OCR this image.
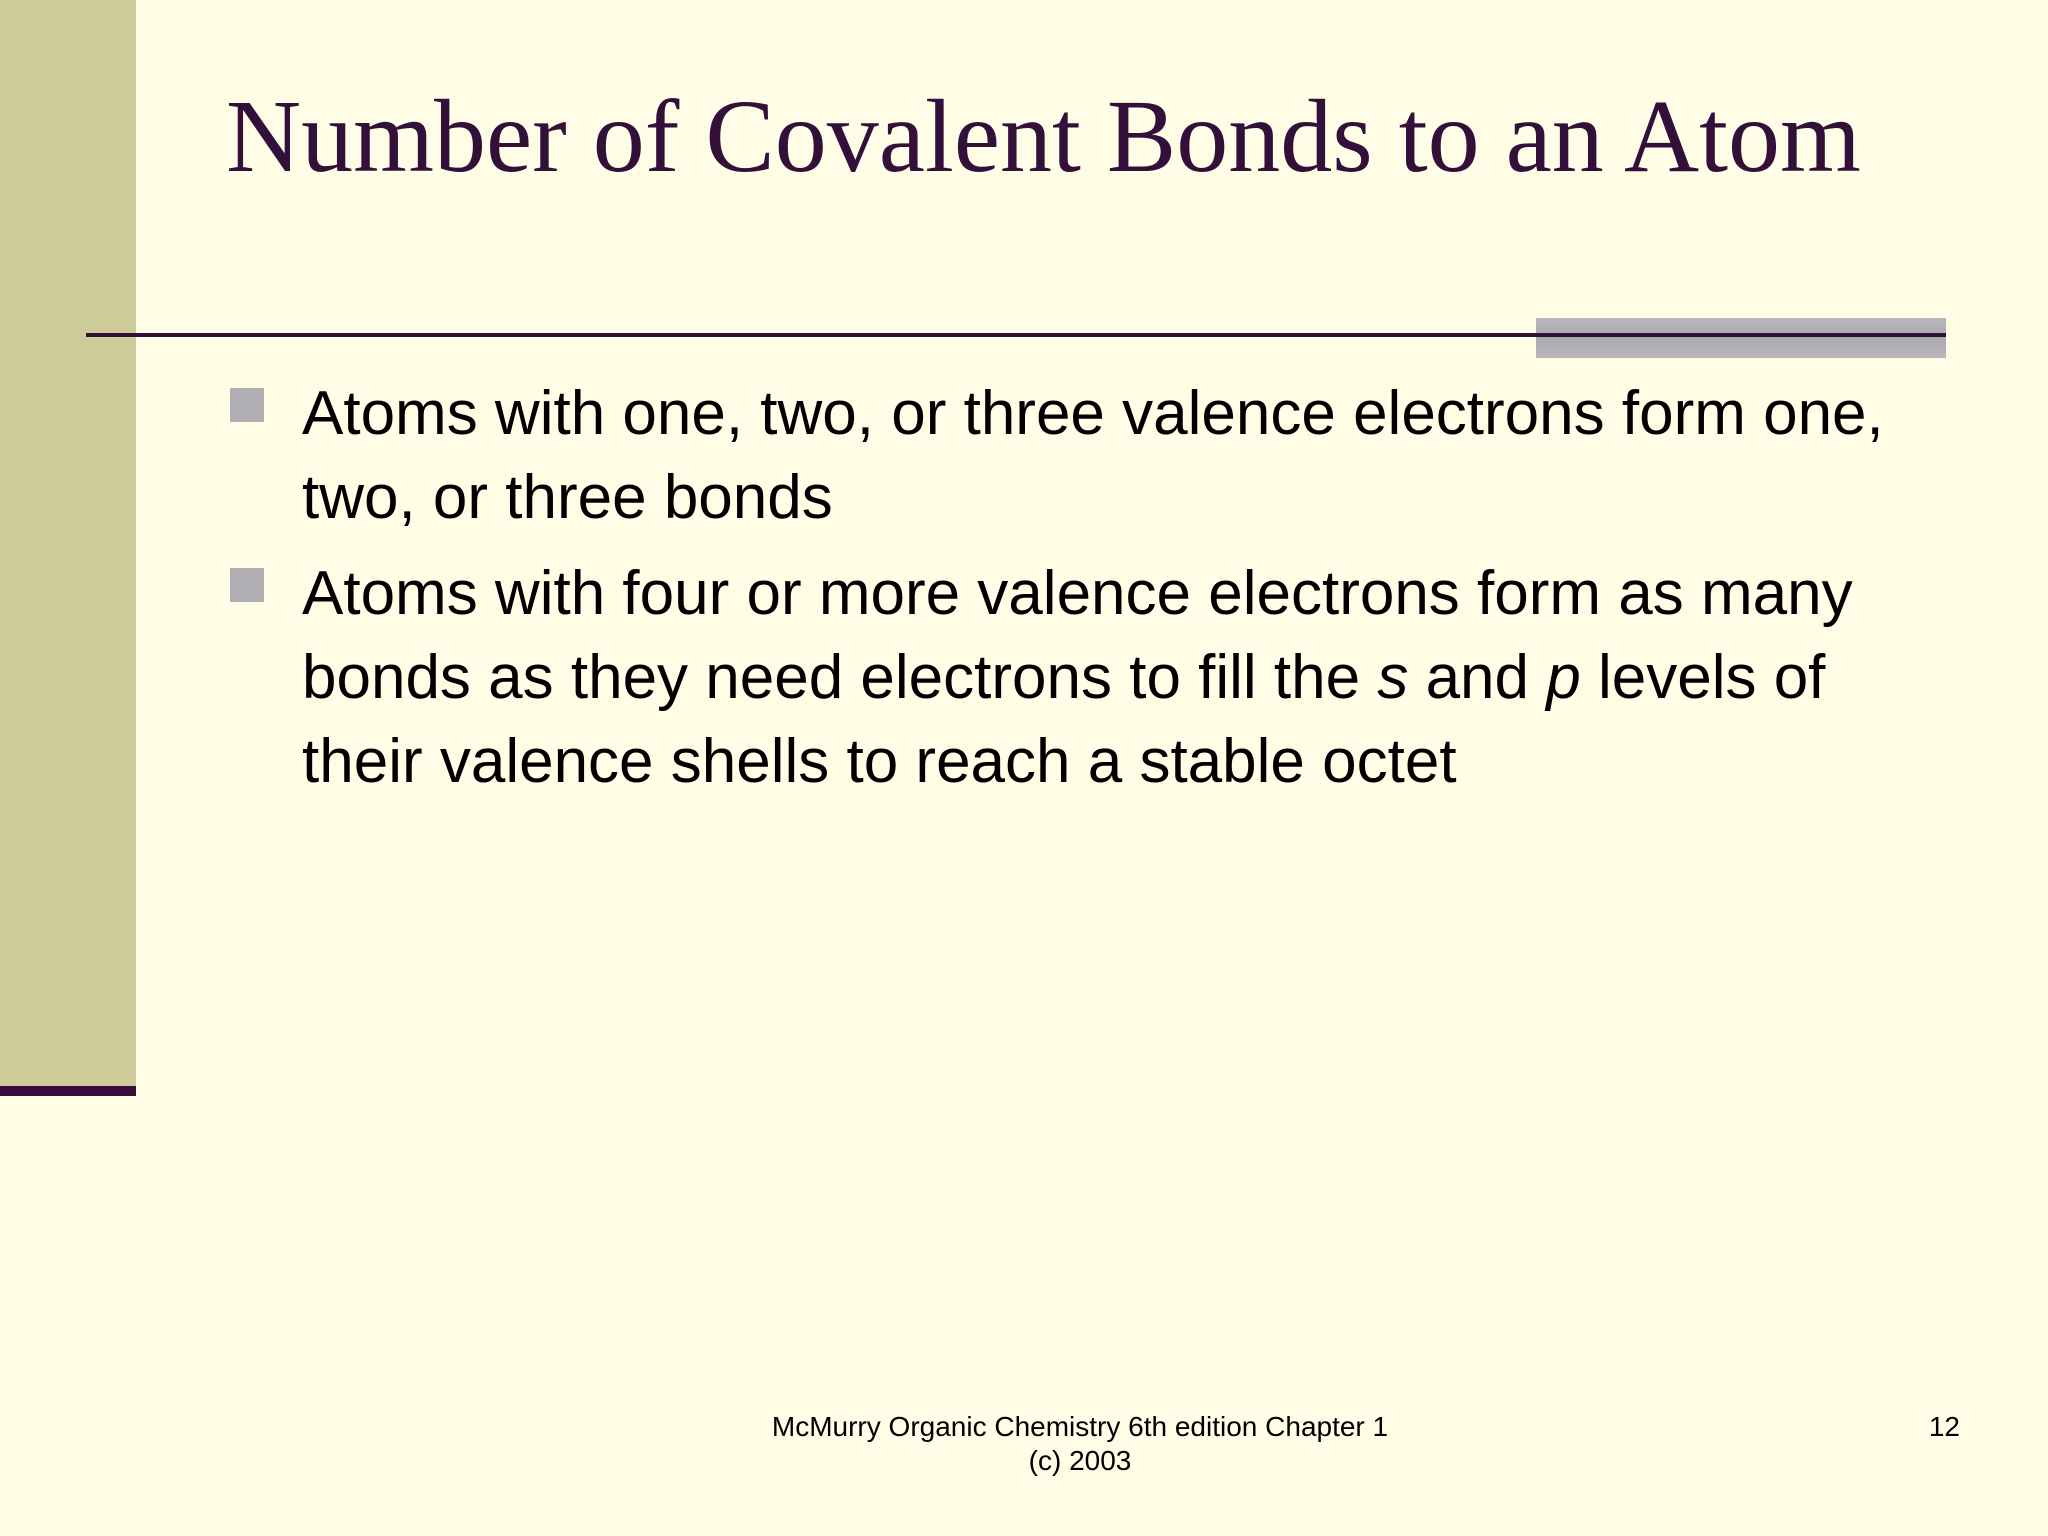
Number of Covalent Bonds to an Atom
Atoms with one, two, or three valence electrons form one, two, or three bonds
Atoms with four or more valence electrons form as many bonds as they need electrons to fill the s and p levels of their valence shells to reach a stable octet
McMurry Organic Chemistry 6th edition Chapter 1
(c) 2003
12
